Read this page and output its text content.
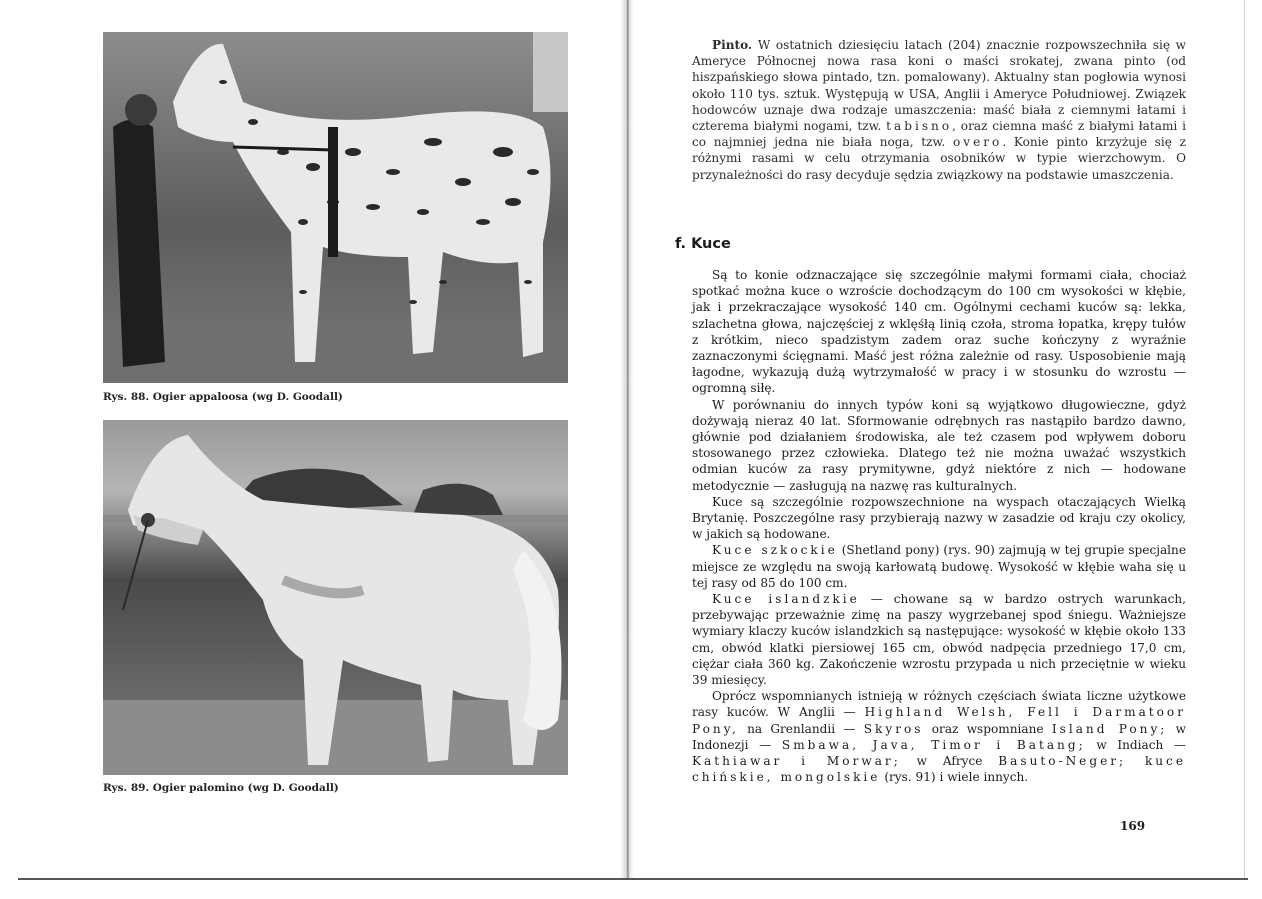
Rys. 88. Ogier appaloosa (wg D. Goodall)
Rys. 89. Ogier palomino (wg D. Goodall)

Pinto. W ostatnich dziesięciu latach (204) znacznie rozpowszechniła się w Ameryce Północnej nowa rasa koni o maści srokatej, zwana pinto (od hiszpańskiego słowa pintado, tzn. pomalowany). Aktualny stan pogłowia wynosi około 110 tys. sztuk. Występują w USA, Anglii i Ameryce Południowej. Związek hodowców uznaje dwa rodzaje umaszczenia: maść biała z ciemnymi łatami i czterema białymi nogami, tzw. tabisno, oraz ciemna maść z białymi łatami i co najmniej jedna nie biała noga, tzw. overo. Konie pinto krzyżuje się z różnymi rasami w celu otrzymania osobników w typie wierzchowym. O przynależności do rasy decyduje sędzia związkowy na podstawie umaszczenia.

f. Kuce

Są to konie odznaczające się szczególnie małymi formami ciała, chociaż spotkać można kuce o wzroście dochodzącym do 100 cm wysokości w kłębie, jak i przekraczające wysokość 140 cm. Ogólnymi cechami kuców są: lekka, szlachetna głowa, najczęściej z wklęśłą linią czoła, stroma łopatka, krępy tułów z krótkim, nieco spadzistym zadem oraz suche kończyny z wyraźnie zaznaczonymi ścięgnami. Maść jest różna zależnie od rasy. Usposobienie mają łagodne, wykazują dużą wytrzymałość w pracy i w stosunku do wzrostu — ogromną siłę.

W porównaniu do innych typów koni są wyjątkowo długowieczne, gdyż dożywają nieraz 40 lat. Sformowanie odrębnych ras nastąpiło bardzo dawno, głównie pod działaniem środowiska, ale też czasem pod wpływem doboru stosowanego przez człowieka. Dlatego też nie można uważać wszystkich odmian kuców za rasy prymitywne, gdyż niektóre z nich — hodowane metodycznie — zasługują na nazwę ras kulturalnych.

Kuce są szczególnie rozpowszechnione na wyspach otaczających Wielką Brytanię. Poszczególne rasy przybierają nazwy w zasadzie od kraju czy okolicy, w jakich są hodowane.

Kuce szkockie (Shetland pony) (rys. 90) zajmują w tej grupie specjalne miejsce ze względu na swoją karłowatą budowę. Wysokość w kłębie waha się u tej rasy od 85 do 100 cm.

Kuce islandzkie — chowane są w bardzo ostrych warunkach, przebywając przeważnie zimę na paszy wygrzebanej spod śniegu. Ważniejsze wymiary klaczy kuców islandzkich są następujące: wysokość w kłębie około 133 cm, obwód klatki piersiowej 165 cm, obwód nadpęcia przedniego 17,0 cm, ciężar ciała 360 kg. Zakończenie wzrostu przypada u nich przeciętnie w wieku 39 miesięcy.

Oprócz wspomnianych istnieją w różnych częściach świata liczne użytkowe rasy kuców. W Anglii — Highland Welsh, Fell i Darmatoor Pony, na Grenlandii — Skyros oraz wspomniane Island Pony; w Indonezji — Smbawa, Java, Timor i Batang; w Indiach — Kathiawar i Morwar; w Afryce Basuto-Neger; kuce chińskie, mongolskie (rys. 91) i wiele innych.

169
